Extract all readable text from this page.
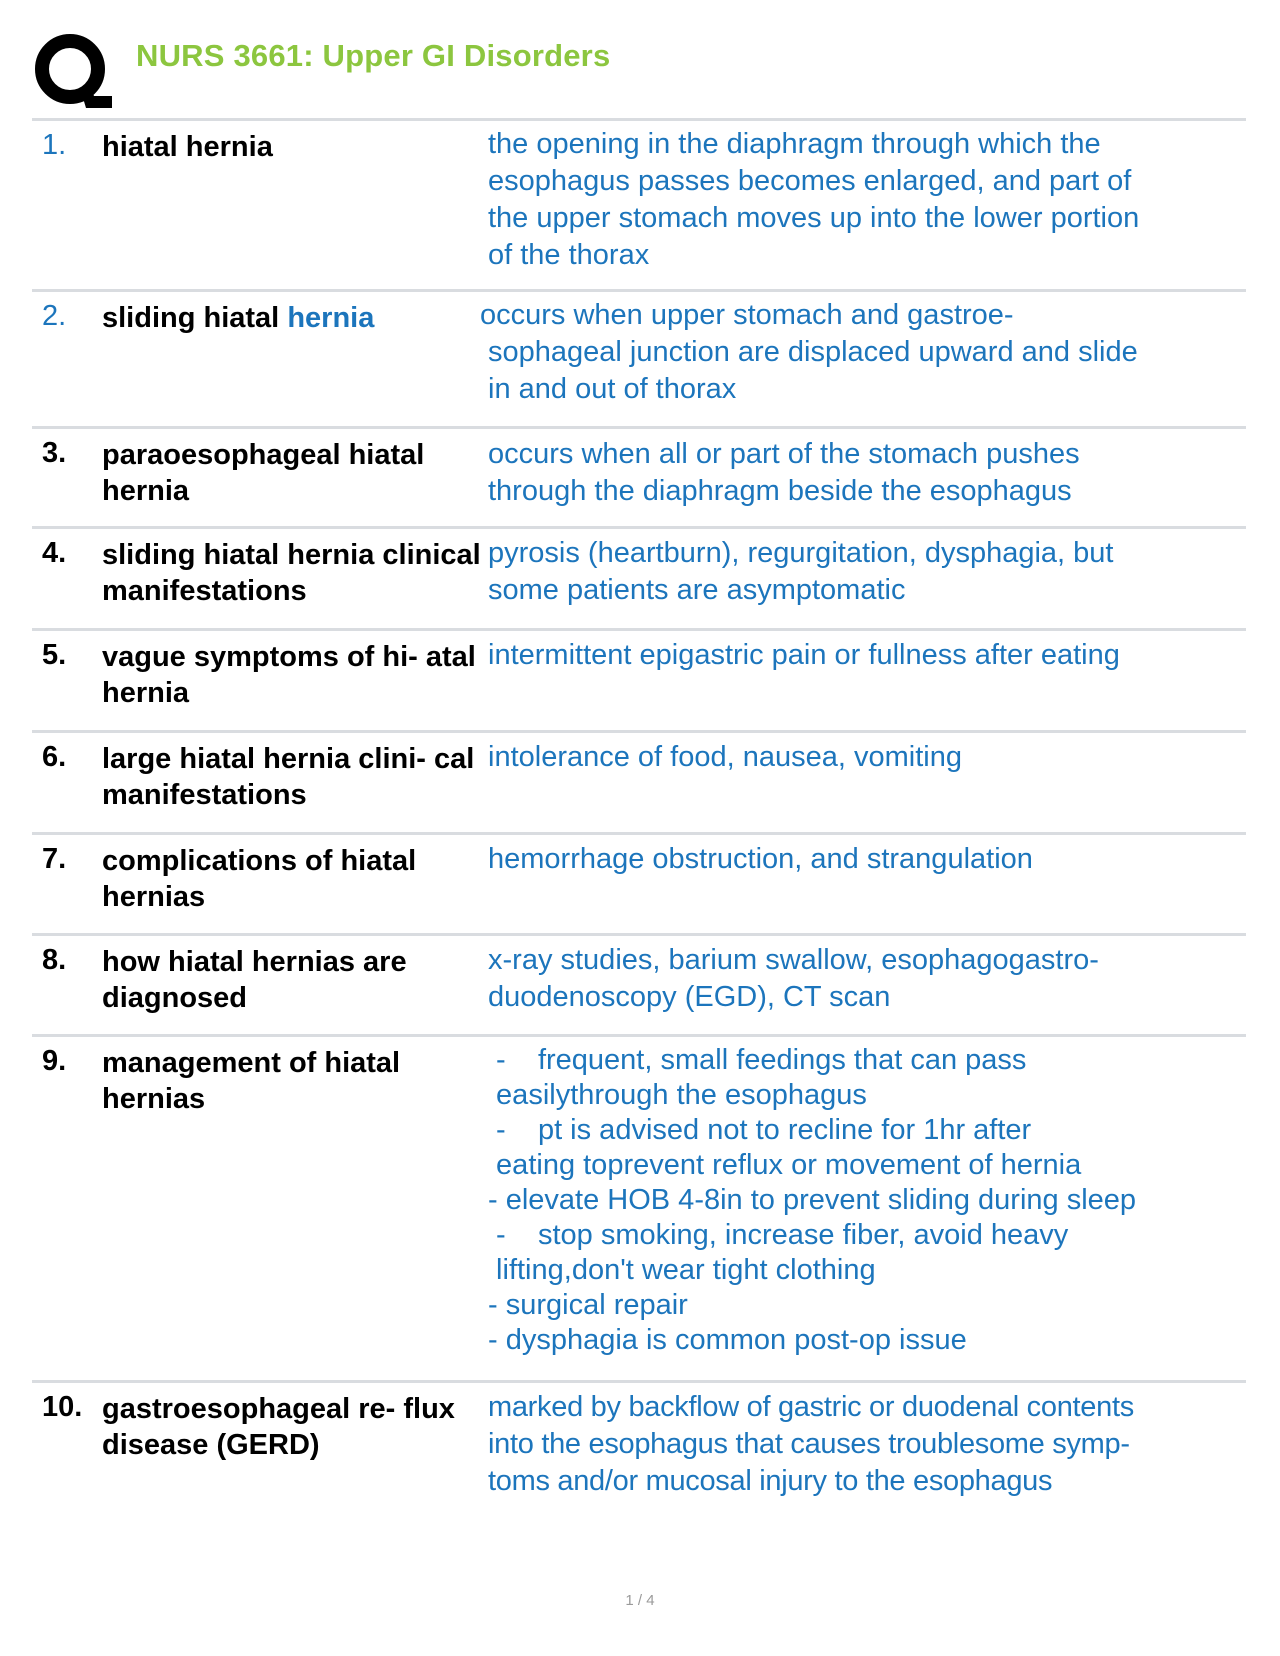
NURS 3661: Upper GI Disorders
1. hiatal hernia	the opening in the diaphragm through which the
esophagus passes becomes enlarged, and part of
the upper stomach moves up into the lower portion
of the thorax
2. sliding hiatal hernia	occurs when upper stomach and gastroe-
sophageal junction are displaced upward and slide
in and out of thorax
3. paraoesophageal hiatal hernia
occurs when all or part of the stomach pushes
through the diaphragm beside the esophagus
4. sliding hiatal hernia clinical manifestations
pyrosis (heartburn), regurgitation, dysphagia, but
some patients are asymptomatic
5. vague symptoms of hi- atal hernia
intermittent epigastric pain or fullness after eating
6. large hiatal hernia clini- cal manifestations
intolerance of food, nausea, vomiting
7. complications of hiatal hernias
hemorrhage obstruction, and strangulation
8. how hiatal hernias are diagnosed
x-ray studies, barium swallow, esophagogastro-
duodenoscopy (EGD), CT scan
9. management of hiatal hernias
-    frequent, small feedings that can pass
easilythrough the esophagus
-    pt is advised not to recline for 1hr after
eating toprevent reflux or movement of hernia
- elevate HOB 4-8in to prevent sliding during sleep
-    stop smoking, increase fiber, avoid heavy
lifting,don't wear tight clothing
- surgical repair
- dysphagia is common post-op issue
10. gastroesophageal re- flux disease (GERD)
marked by backflow of gastric or duodenal contents
into the esophagus that causes troublesome symp-
toms and/or mucosal injury to the esophagus
1 / 4
